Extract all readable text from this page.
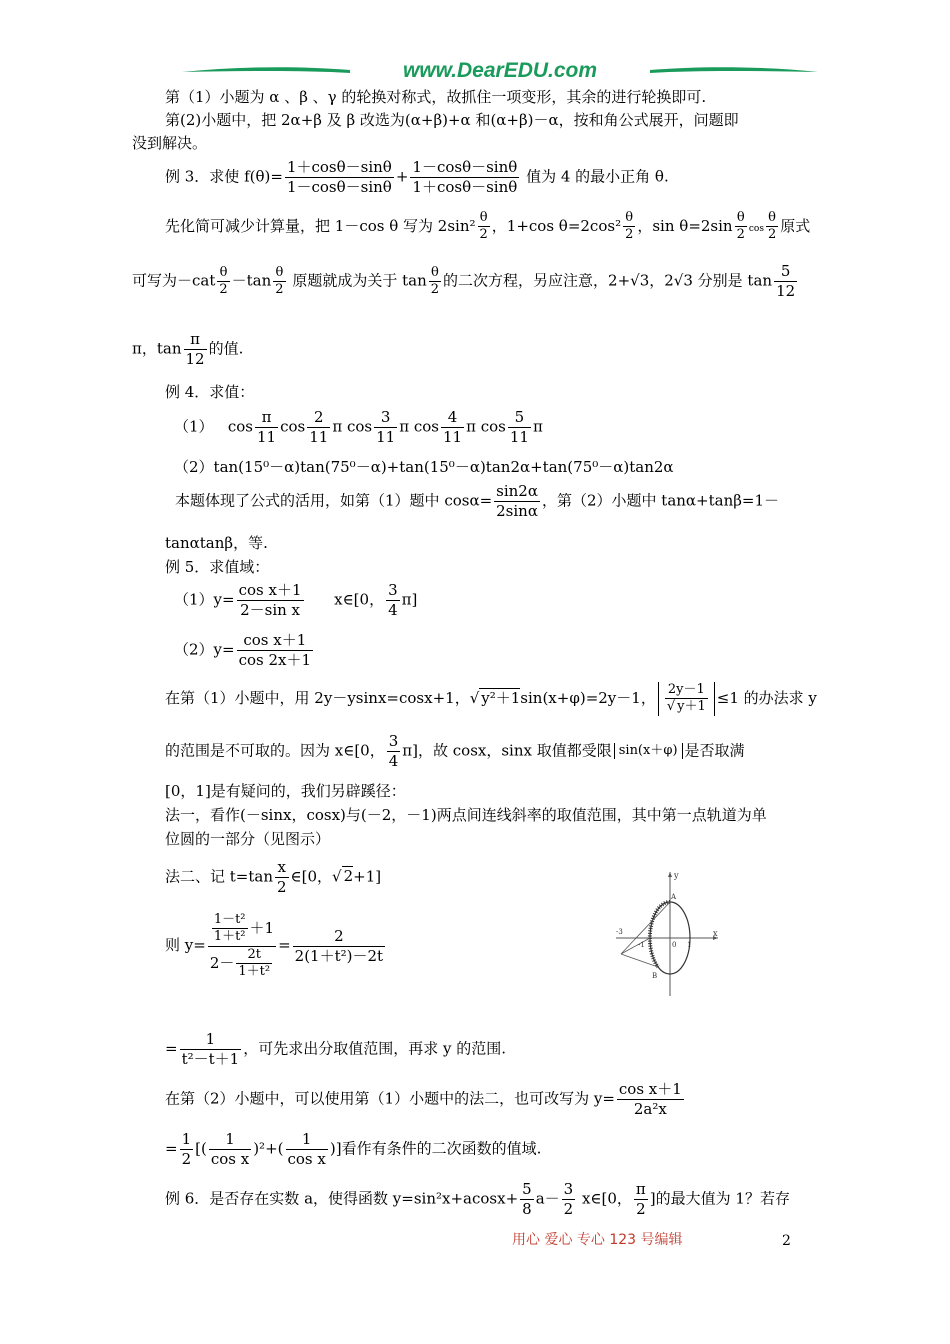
www.DearEDU.com
第（1）小题为 α 、β 、γ 的轮换对称式，故抓住一项变形，其余的进行轮换即可.
第(2)小题中，把 2α+β 及 β 改选为(α+β)+α 和(α+β)－α，按和角公式展开，问题即
没到解决。
例 3．求使 $f(\theta)= \frac{1+\cos\theta-\sin\theta}{1-\cos\theta-\sin\theta} + \frac{1-\cos\theta-\sin\theta}{1+\cos\theta-\sin\theta}$ 值为 4 的最小正角 θ.
先化简可减少计算量，把 1－cos θ 写为 $2\sin^2 \frac{\theta}{2}$ ，1+cos $\theta=2\cos^2 \frac{\theta}{2}$ ，$\sin \theta=2\sin \frac{\theta}{2}$ $\cos \frac{\theta}{2}$ 原式
可写为$-cat \frac{\theta}{2} -\tan \frac{\theta}{2}$ 原题就成为关于 $\tan \frac{\theta}{2}$ 的二次方程，另应注意，2+√3，2√3 分别是 $\tan \frac{5}{12}$
π，$\tan \frac{\pi}{12}$ 的值.
例 4．求值：
（1） $\cos \frac{\pi}{11}$ $\cos \frac{2}{11}$ π $\cos \frac{3}{11}$ π $\cos \frac{4}{11}$ π $\cos \frac{5}{11}$ π
（2）tan(15⁰－α)tan(75⁰－α)+tan(15⁰－α)tan2α+tan(75⁰－α)tan2α
本题体现了公式的活用，如第（1）题中 $\cos\alpha= \frac{\sin 2\alpha}{2\sin\alpha}$ ，第（2）小题中 tanα+tanβ=1－
tanαtanβ，等.
例 5．求值域：
$(1)y= \frac{\text{cos x＋1}}{\text{2－sin x}}$ x∈[0， $\frac{3}{4} \pi$]
$(2)y= \frac{\text{cos x＋1}}{\cos 2x+1}$
在第（1）小题中，用 2y－ysinx=cosx+1，√ y²＋1sin(x+φ)=2y－1， $\frac{2y-1}{√ y+1} \le 1$ 的办法求 y
的范围是不可取的。因为 x∈[0， $\frac{3}{4} \pi$]，故 cosx，sinx 取值都受限 sin(x＋φ) 是否取满
[0，1]是有疑问的，我们另辟蹊径：
法一，看作(－sinx，cosx)与(－2，－1)两点间连线斜率的取值范围，其中第一点轨道为单
位圆的一部分（见图示）
法二、记 $t=\tan \frac{x}{2}$ ∈[0，√ 2+1]
则 $y= \frac{\frac{\text{1－t²}}{\text{1＋t²}} +1}{2- \frac{2t}{\text{1＋t²}}} = \frac{2}{\text{2(1＋t²)－2t}}$
= $\frac{1}{\text{t²－t＋1}}$ ，可先求出分取值范围，再求 y 的范围.
在第（2）小题中，可以使用第（1）小题中的法二，也可改写为 $y= \frac{\text{cos x＋1}}{\text{2a²x}}$
= $\frac{1}{2}$ [( $\frac{1}{\text{cos x}} )^2+( \frac{1}{\text{cos x}}$ )]看作有条件的二次函数的值域.
例 6．是否存在实数 a，使得函数 $y=\sin^2x+acosx+ \frac{5}{8} a- \frac{3}{2}$ x∈[0， $\frac{\pi}{2}$ ]的最大值为 1？若存
y
x
A
B
-3
-1	0 1
用心 爱心 专心 123 号编辑	2
